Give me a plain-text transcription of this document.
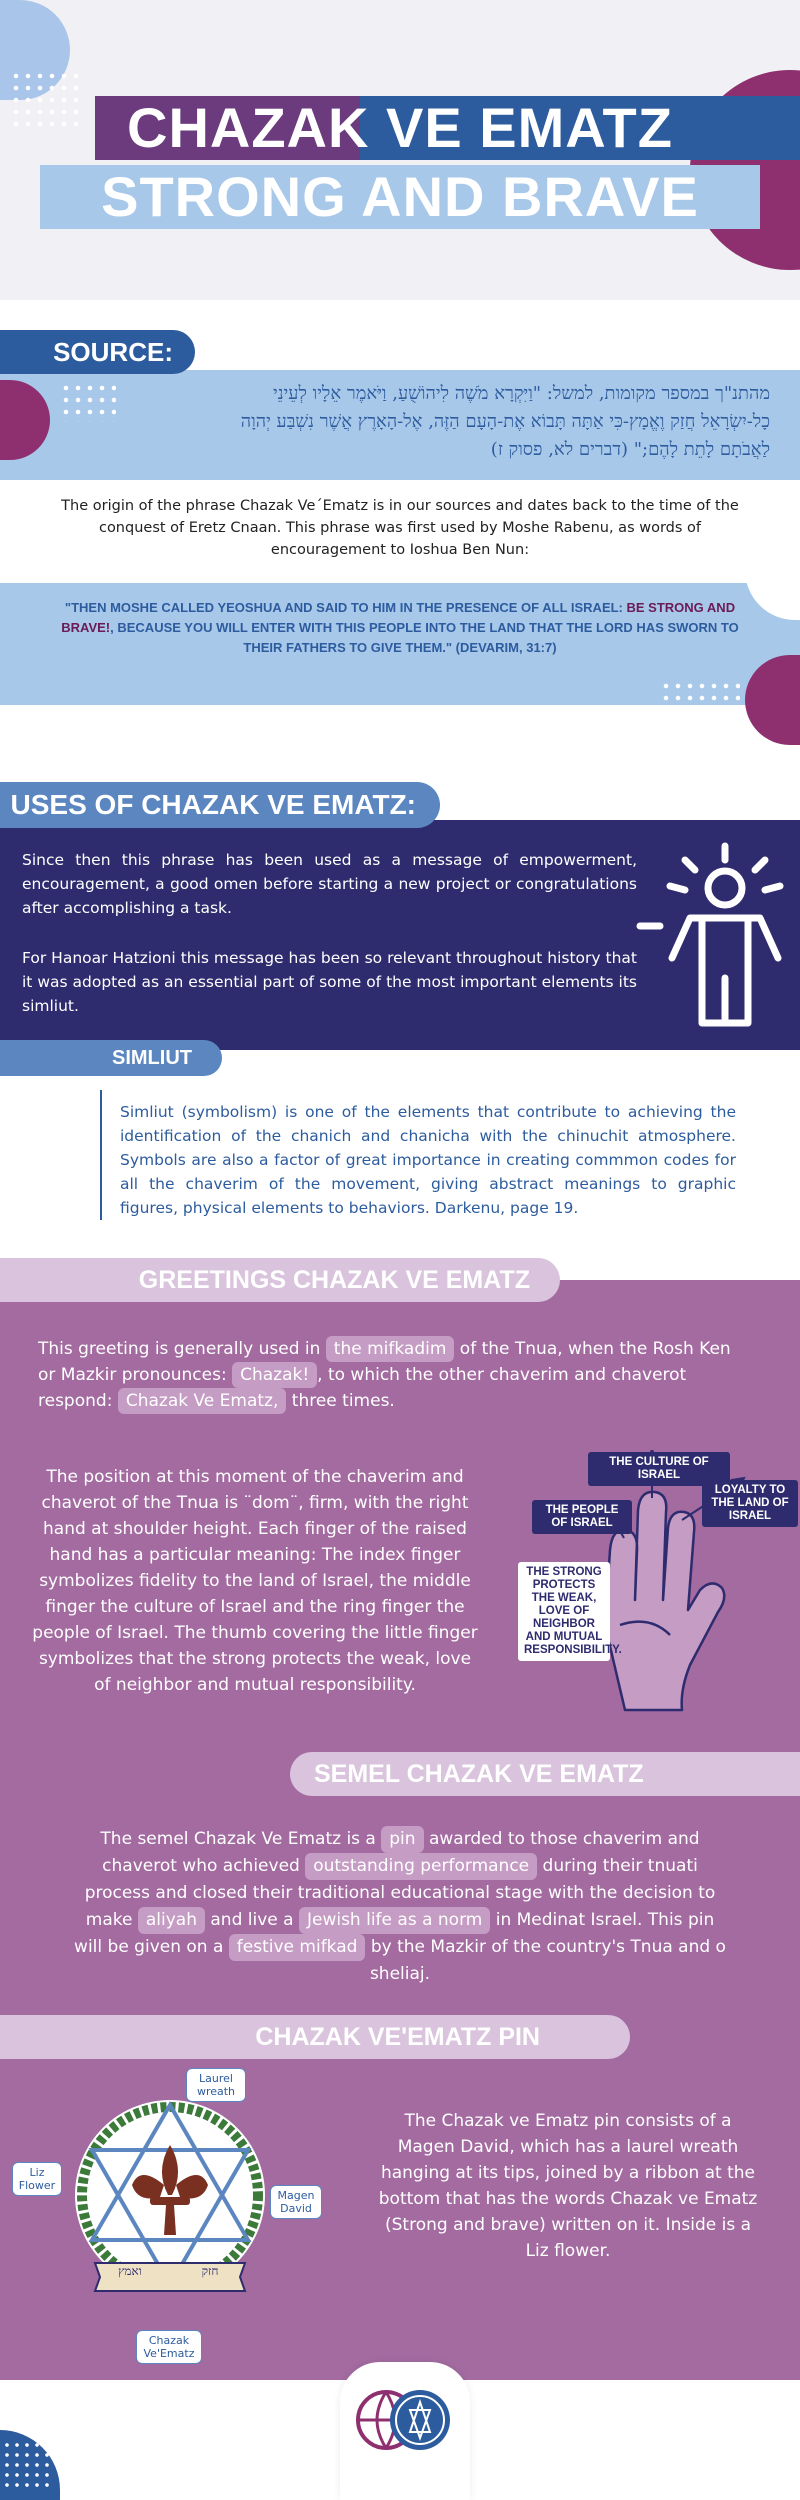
CHAZAK VE EMATZ
STRONG AND BRAVE
SOURCE:
מהתנ"ך במספר מקומות, למשל: "וַיִּקְרָא מֹשֶׁה לִיהוֹשֻׁעַ, וַיֹּאמֶר אֵלָיו לְעֵינֵי
כָל-יִשְׂרָאֵל חֲזַק וֶאֱמָץ-כִּי אַתָּה תָּבוֹא אֶת-הָעָם הַזֶּה, אֶל-הָאָרֶץ אֲשֶׁר נִשְׁבַּע יְהוָה
לַאֲבֹתָם לָתֵת לָהֶם;" (דברים לא, פסוק ז)
The origin of the phrase Chazak Ve´Ematz is in our sources and dates back to the time of the conquest of Eretz Cnaan. This phrase was first used by Moshe Rabenu, as words of encouragement to Ioshua Ben Nun:
"THEN MOSHE CALLED YEOSHUA AND SAID TO HIM IN THE PRESENCE OF ALL ISRAEL: BE STRONG AND BRAVE!, BECAUSE YOU WILL ENTER WITH THIS PEOPLE INTO THE LAND THAT THE LORD HAS SWORN TO THEIR FATHERS TO GIVE THEM." (DEVARIM, 31:7)
USES OF CHAZAK VE EMATZ:
Since then this phrase has been used as a message of empowerment, encouragement, a good omen before starting a new project or congratulations after accomplishing a task.
For Hanoar Hatzioni this message has been so relevant throughout history that it was adopted as an essential part of some of the most important elements its simliut.
SIMLIUT
Simliut (symbolism) is one of the elements that contribute to achieving the identification of the chanich and chanicha with the chinuchit atmosphere. Symbols are also a factor of great importance in creating commmon codes for all the chaverim of the movement, giving abstract meanings to graphic figures, physical elements to behaviors. Darkenu, page 19.
GREETINGS CHAZAK VE EMATZ
This greeting is generally used in the mifkadim of the Tnua, when the Rosh Ken or Mazkir pronounces: Chazak! , to which the other chaverim and chaverot respond: Chazak Ve Ematz, three times.
The position at this moment of the chaverim and chaverot of the Tnua is ¨dom¨, firm, with the right hand at shoulder height. Each finger of the raised hand has a particular meaning: The index finger symbolizes fidelity to the land of Israel, the middle finger the culture of Israel and the ring finger the people of Israel. The thumb covering the little finger symbolizes that the strong protects the weak, love of neighbor and mutual responsibility.
THE CULTURE OF ISRAEL
THE PEOPLE OF ISRAEL
LOYALTY TO THE LAND OF ISRAEL
THE STRONG PROTECTS THE WEAK, LOVE OF NEIGHBOR AND MUTUAL RESPONSIBILITY.
SEMEL CHAZAK VE EMATZ
The semel Chazak Ve Ematz is a pin awarded to those chaverim and chaverot who achieved outstanding performance during their tnuati process and closed their traditional educational stage with the decision to make aliyah and live a Jewish life as a norm in Medinat Israel. This pin will be given on a festive mifkad by the Mazkir of the country's Tnua and o sheliaj.
CHAZAK VE'EMATZ PIN
ואמץ	חזק
Laurel wreath
Liz Flower
Magen David
Chazak Ve'Ematz
The Chazak ve Ematz pin consists of a Magen David, which has a laurel wreath hanging at its tips, joined by a ribbon at the bottom that has the words Chazak ve Ematz (Strong and brave) written on it. Inside is a Liz flower.
